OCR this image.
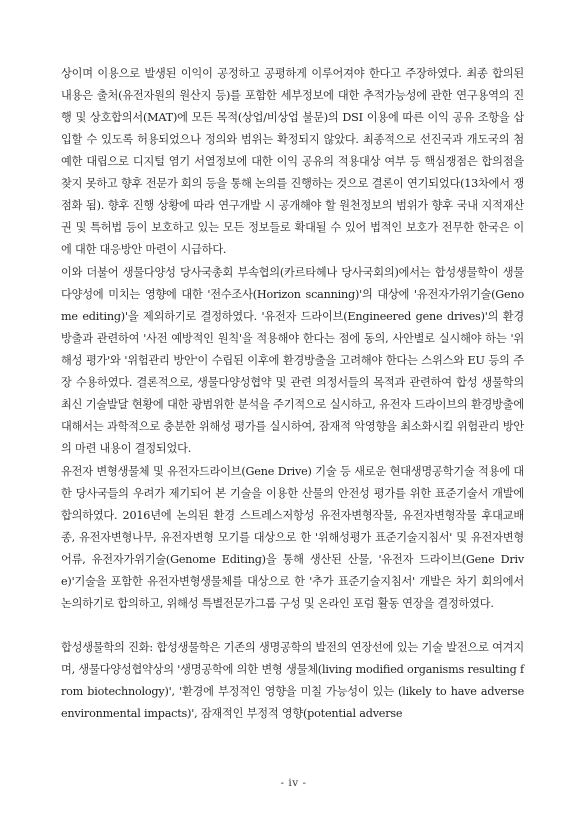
상이며 이용으로 발생된 이익이 공정하고 공평하게 이루어져야 한다고 주장하였다. 최종 합의된 내용은 출처(유전자원의 원산지 등)를 포함한 세부정보에 대한 추적가능성에 관한 연구용역의 진행 및 상호합의서(MAT)에 모든 목적(상업/비상업 불문)의 DSI 이용에 따른 이익 공유 조항을 삽입할 수 있도록 허용되었으나 정의와 범위는 확정되지 않았다. 최종적으로 선진국과 개도국의 첨예한 대립으로 디지털 염기 서열정보에 대한 이익 공유의 적용대상 여부 등 핵심쟁점은 합의점을 찾지 못하고 향후 전문가 회의 등을 통해 논의를 진행하는 것으로 결론이 연기되었다(13차에서 쟁점화 됨). 향후 진행 상황에 따라 연구개발 시 공개해야 할 원천정보의 범위가 향후 국내 지적재산권 및 특허법 등이 보호하고 있는 모든 정보들로 확대될 수 있어 법적인 보호가 전무한 한국은 이에 대한 대응방안 마련이 시급하다.

이와 더불어 생물다양성 당사국총회 부속협의(카르타헤나 당사국회의)에서는 합성생물학이 생물다양성에 미치는 영향에 대한 '전수조사(Horizon scanning)'의 대상에 '유전자가위기술(Genome editing)'을 제외하기로 결정하였다. '유전자 드라이브(Engineered gene drives)'의 환경방출과 관련하여 '사전 예방적인 원칙'을 적용해야 한다는 점에 동의, 사안별로 실시해야 하는 '위해성 평가'와 '위험관리 방안'이 수립된 이후에 환경방출을 고려해야 한다는 스위스와 EU 등의 주장 수용하였다. 결론적으로, 생물다양성협약 및 관련 의정서들의 목적과 관련하여 합성 생물학의 최신 기술발달 현황에 대한 광범위한 분석을 주기적으로 실시하고, 유전자 드라이브의 환경방출에 대해서는 과학적으로 충분한 위해성 평가를 실시하여, 잠재적 악영향을 최소화시킬 위험관리 방안의 마련 내용이 결정되었다.

유전자 변형생물체 및 유전자드라이브(Gene Drive) 기술 등 새로운 현대생명공학기술 적용에 대한 당사국들의 우려가 제기되어 본 기술을 이용한 산물의 안전성 평가를 위한 표준기술서 개발에 합의하였다. 2016년에 논의된 환경 스트레스저항성 유전자변형작물, 유전자변형작물 후대교배종, 유전자변형나무, 유전자변형 모기를 대상으로 한 '위해성평가 표준기술지침서' 및 유전자변형 어류, 유전자가위기술(Genome Editing)을 통해 생산된 산물, '유전자 드라이브(Gene Drive)'기술을 포함한 유전자변형생물체를 대상으로 한 '추가 표준기술지침서' 개발은 차기 회의에서 논의하기로 합의하고, 위해성 특별전문가그룹 구성 및 온라인 포럼 활동 연장을 결정하였다.

합성생물학의 진화: 합성생물학은 기존의 생명공학의 발전의 연장선에 있는 기술 발전으로 여겨지며, 생물다양성협약상의 '생명공학에 의한 변형 생물체(living modified organisms resulting from biotechnology)', '환경에 부정적인 영향을 미칠 가능성이 있는 (likely to have adverse environmental impacts)', 잠재적인 부정적 영향(potential adverse

- iv -
